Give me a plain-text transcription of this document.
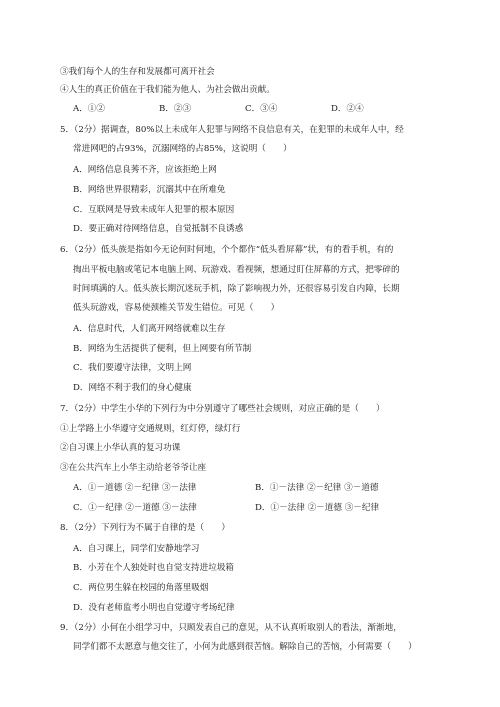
③我们每个人的生存和发展都可离开社会
④人生的真正价值在于我们能为他人、为社会做出贡献。
A．①②	B．②③	C．③④	D．②④
5．（2分）据调查，80%以上未成年人犯罪与网络不良信息有关，在犯罪的未成年人中，经
常进网吧的占93%，沉溺网络的占85%，这说明（　　）
A．网络信息良莠不齐，应该拒绝上网
B．网络世界很精彩，沉溺其中在所难免
C．互联网是导致未成年人犯罪的根本原因
D．要正确对待网络信息，自觉抵制不良诱惑
6．（2分）低头族是指如今无论何时何地，个个都作“低头看屏幕”状，有的看手机，有的
掏出平板电脑或笔记本电脑上网、玩游戏、看视频，想通过盯住屏幕的方式，把零碎的
时间填满的人。低头族长期沉迷玩手机，除了影响视力外，还很容易引发自内障，长期
低头玩游戏，容易使颈椎关节发生错位。可见（　　）
A．信息时代，人们离开网络就难以生存
B．网络为生活提供了便利，但上网要有所节制
C．我们要遵守法律，文明上网
D．网络不利于我们的身心健康
7．（2分）中学生小华的下列行为中分别遵守了哪些社会规则，对应正确的是（　　）
①上学路上小华遵守交通规则，红灯停，绿灯行
②自习课上小华认真的复习功课
③在公共汽车上小华主动给老爷爷让座
A．①－道德 ②－纪律 ③－法律	B．①－法律 ②－纪律 ③－道德
C．①－纪律 ②－道德 ③－法律	D．①－法律 ②－道德 ③－纪律
8．（2分）下列行为不属于自律的是（　　）
A．自习课上，同学们安静地学习
B．小芳在个人独处时也自觉支持进垃圾箱
C．两位男生躲在校园的角落里吸烟
D．没有老师监考小明也自觉遵守考场纪律
9．（2分）小何在小组学习中，只顾发表自己的意见，从不认真听取别人的看法，渐渐地，
同学们都不太愿意与他交往了，小何为此感到很苦恼。解除自己的苦恼，小何需要（　　）
